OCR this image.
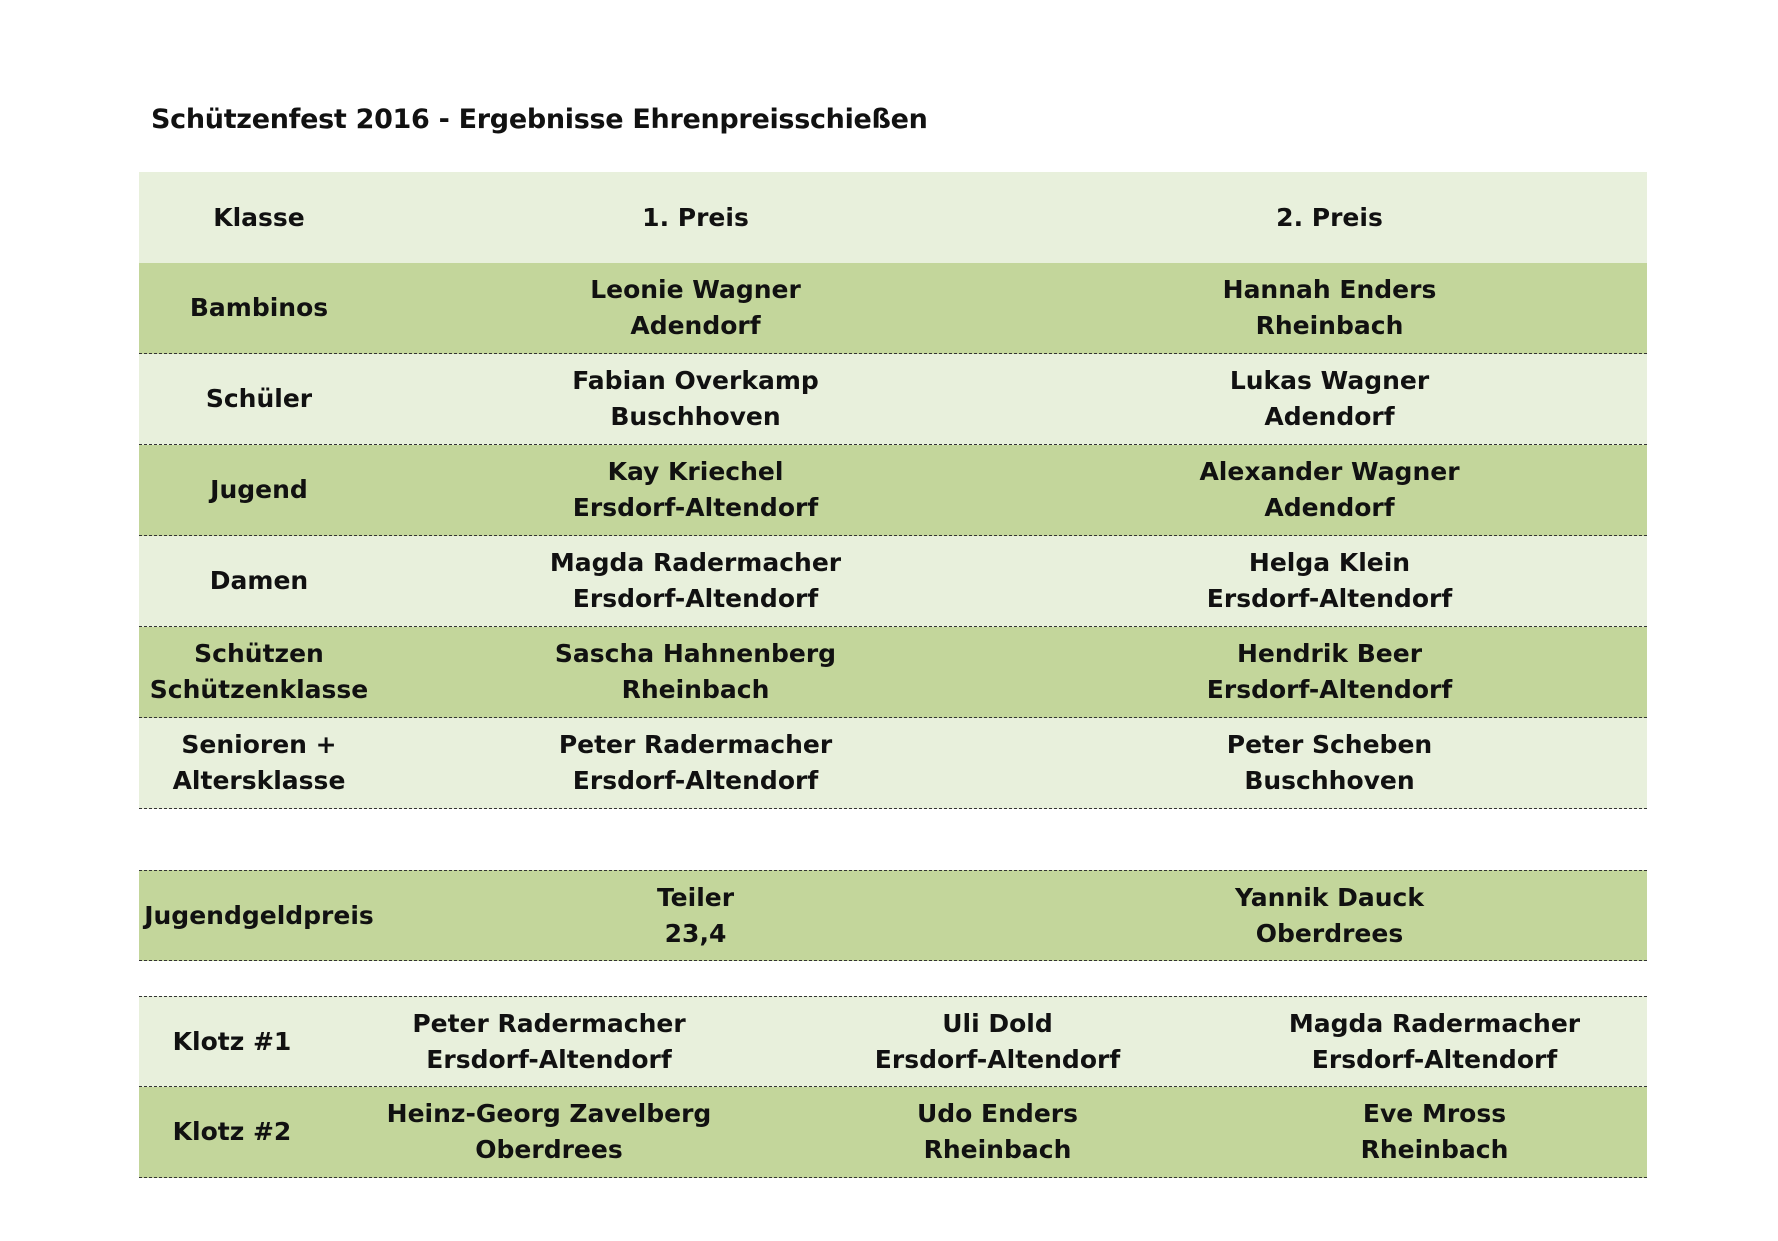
Schützenfest 2016 - Ergebnisse Ehrenpreisschießen
Klasse	1. Preis	2. Preis
Bambinos
Leonie Wagner
Adendorf
Hannah Enders
Rheinbach
Schüler
Fabian Overkamp
Buschhoven
Lukas Wagner
Adendorf
Jugend
Kay Kriechel
Ersdorf-Altendorf
Alexander Wagner
Adendorf
Damen
Magda Radermacher
Ersdorf-Altendorf
Helga Klein
Ersdorf-Altendorf
Schützen
Schützenklasse
Sascha Hahnenberg
Rheinbach
Hendrik Beer
Ersdorf-Altendorf
Senioren +
Altersklasse
Peter Radermacher
Ersdorf-Altendorf
Peter Scheben
Buschhoven
Jugendgeldpreis
Teiler
23,4
Yannik Dauck
Oberdrees
Klotz #1
Peter Radermacher
Ersdorf-Altendorf
Uli Dold
Ersdorf-Altendorf
Magda Radermacher
Ersdorf-Altendorf
Klotz #2
Heinz-Georg Zavelberg
Oberdrees
Udo Enders
Rheinbach
Eve Mross
Rheinbach
